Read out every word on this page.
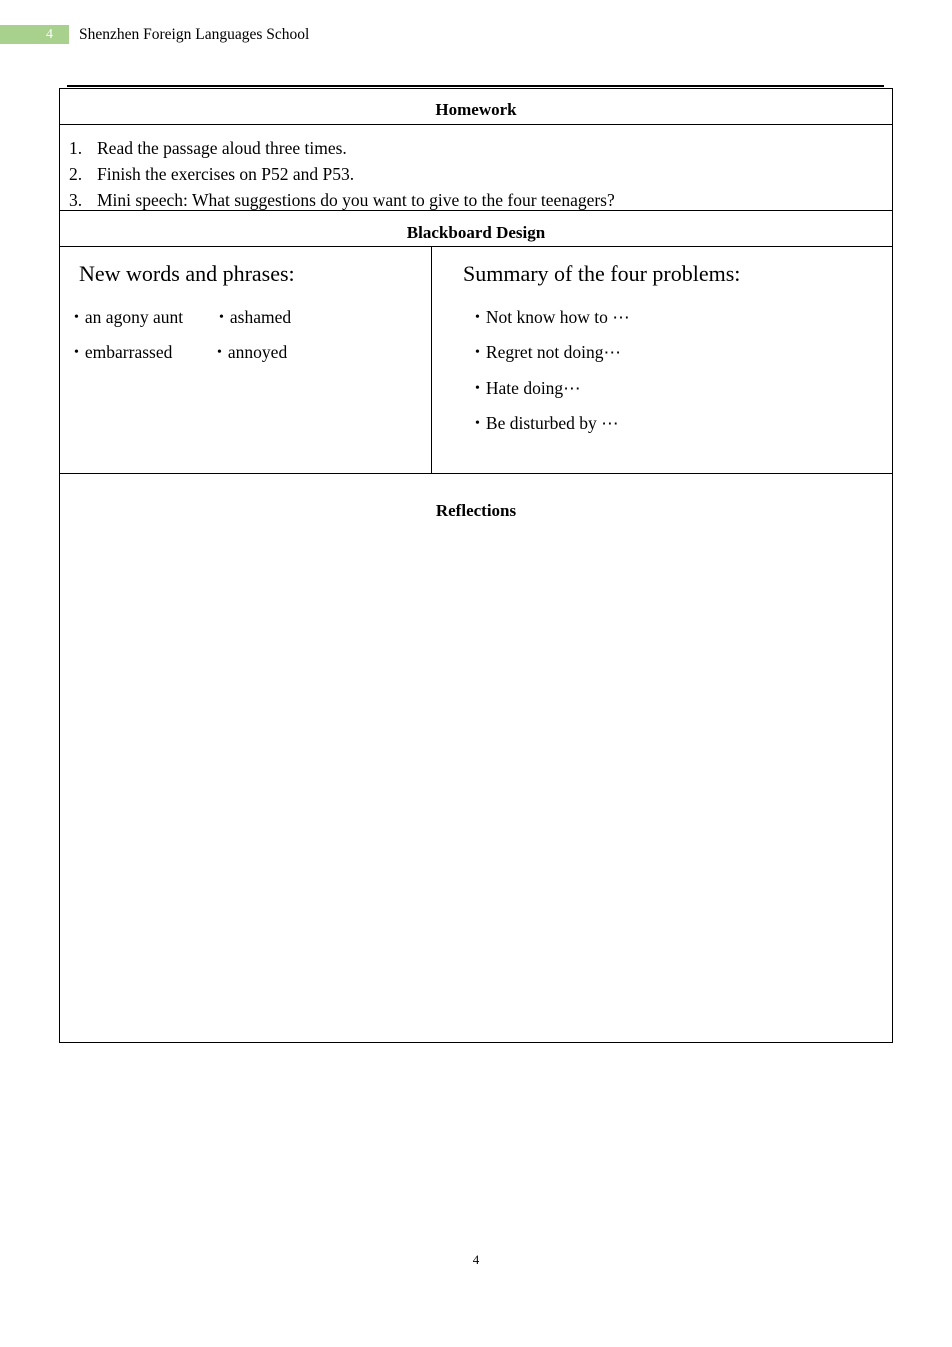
4	Shenzhen Foreign Languages School
Homework
1. Read the passage aloud three times.
2. Finish the exercises on P52 and P53.
3. Mini speech: What suggestions do you want to give to the four teenagers?
Blackboard Design
New words and phrases:
• an agony aunt	• ashamed
• embarrassed	• annoyed
Summary of the four problems:
• Not know how to ⋯
• Regret not doing⋯
• Hate doing⋯
• Be disturbed by ⋯
Reflections
4
